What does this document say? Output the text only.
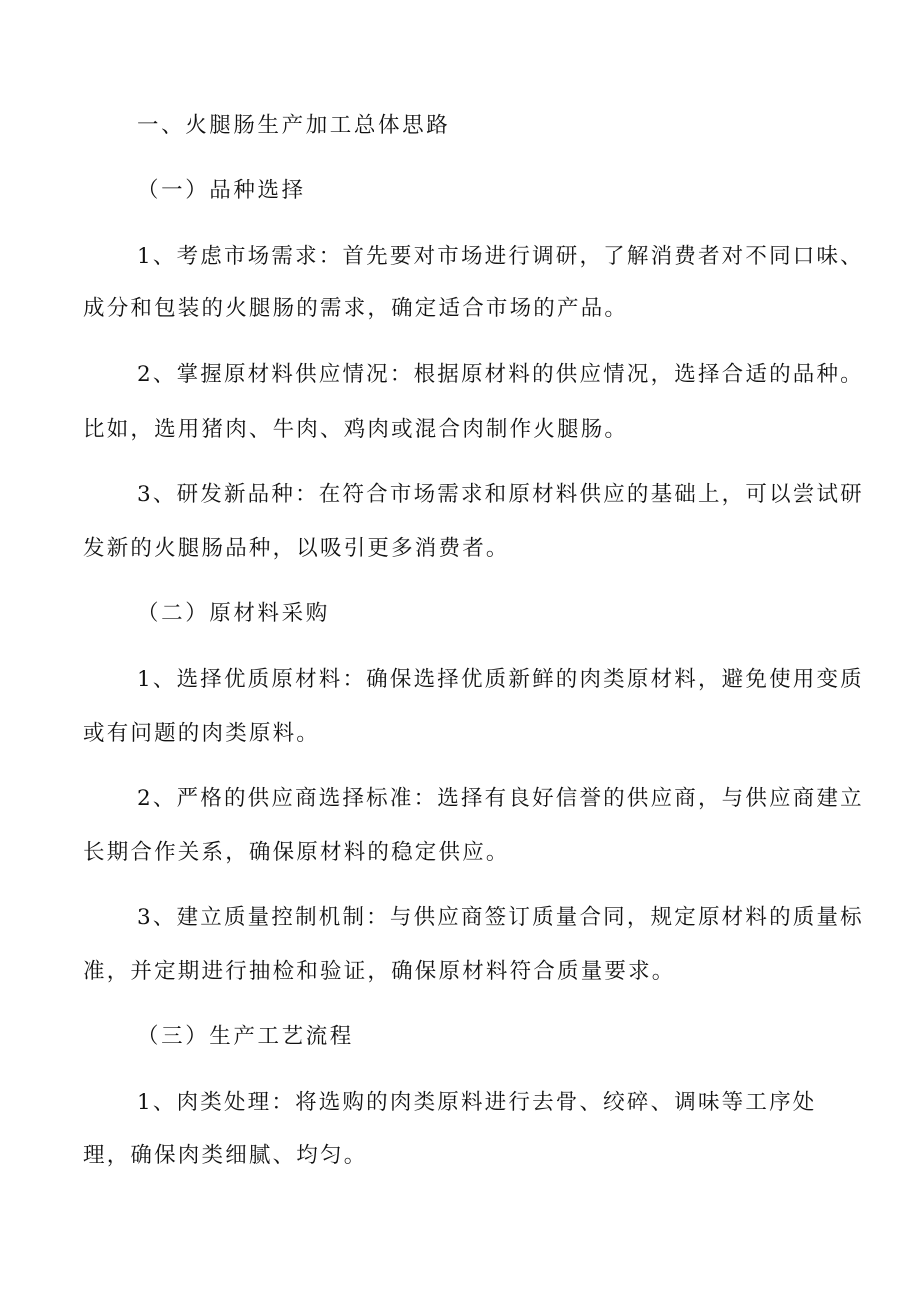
一、火腿肠生产加工总体思路
（一）品种选择
1、考虑市场需求：首先要对市场进行调研，了解消费者对不同口味、
成分和包装的火腿肠的需求，确定适合市场的产品。
2、掌握原材料供应情况：根据原材料的供应情况，选择合适的品种。
比如，选用猪肉、牛肉、鸡肉或混合肉制作火腿肠。
3、研发新品种：在符合市场需求和原材料供应的基础上，可以尝试研
发新的火腿肠品种，以吸引更多消费者。
（二）原材料采购
1、选择优质原材料：确保选择优质新鲜的肉类原材料，避免使用变质
或有问题的肉类原料。
2、严格的供应商选择标准：选择有良好信誉的供应商，与供应商建立
长期合作关系，确保原材料的稳定供应。
3、建立质量控制机制：与供应商签订质量合同，规定原材料的质量标
准，并定期进行抽检和验证，确保原材料符合质量要求。
（三）生产工艺流程
1、肉类处理：将选购的肉类原料进行去骨、绞碎、调味等工序处
理，确保肉类细腻、均匀。
